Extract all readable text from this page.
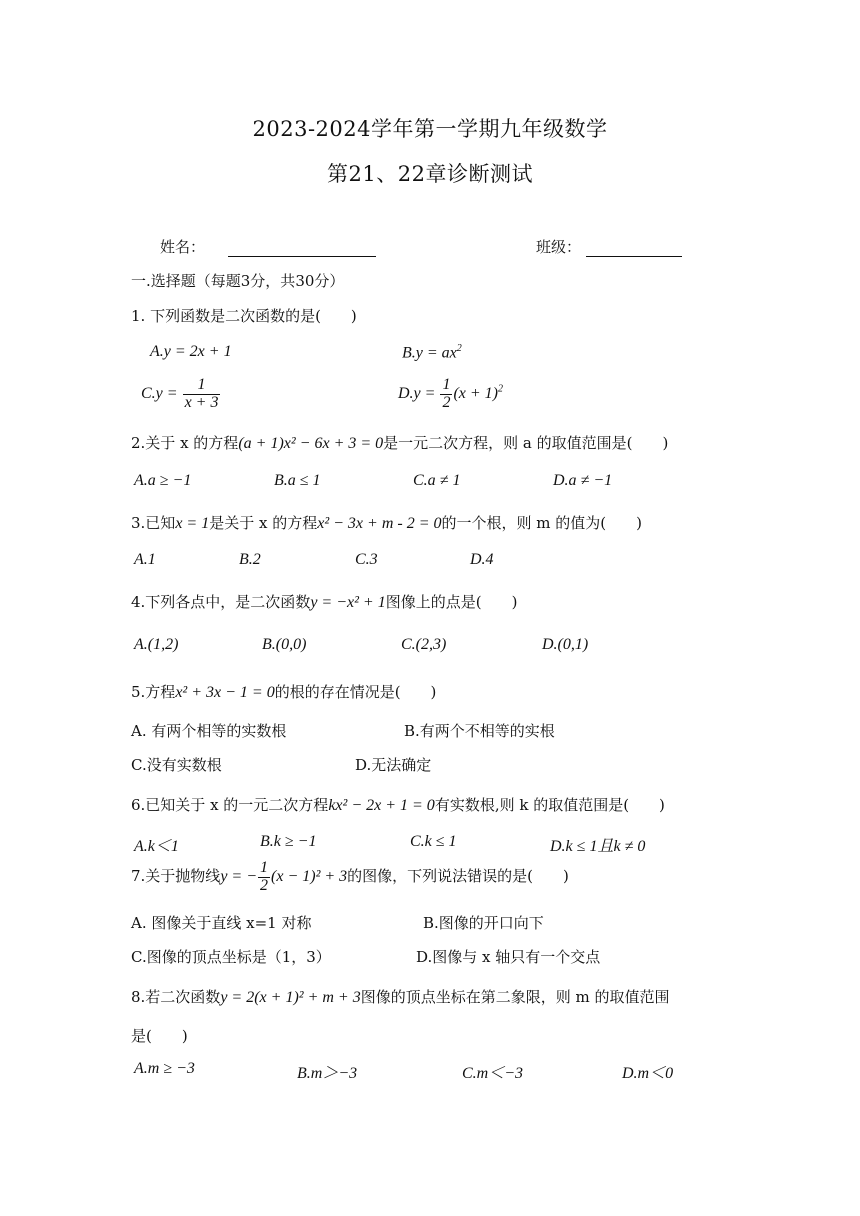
2023-2024学年第一学期九年级数学
第21、22章诊断测试
姓名：	班级：
一.选择题（每题3分，共30分）
1. 下列函数是二次函数的是(　　)
A.y = 2x + 1	$B.y = ax^2$
$C.y = \frac{1}{x + 3}$	$D.y = \frac{1}{2} (x + 1)^2$
2.关于 x 的方程(a + 1)x² − 6x + 3 = 0是一元二次方程，则 a 的取值范围是(　　)
A.a ≥ −1	B.a ≤ 1	C.a ≠ 1	D.a ≠ −1
3.已知x = 1是关于 x 的方程x² − 3x + m - 2 = 0的一个根，则 m 的值为(　　)
A.1	B.2	C.3	D.4
4.下列各点中，是二次函数y = −x² + 1图像上的点是(　　)
A.(1,2)	B.(0,0)	C.(2,3)	D.(0,1)
5.方程x² + 3x − 1 = 0的根的存在情况是(　　)
A. 有两个相等的实数根	B.有两个不相等的实根
C.没有实数根	D.无法确定
6.已知关于 x 的一元二次方程kx² − 2x + 1 = 0有实数根,则 k 的取值范围是(　　)
A.k＜1	B.k ≥ −1	C.k ≤ 1	D.k ≤ 1且k ≠ 0
7.关于抛物线y = − $\frac{1}{2} (x - 1)^2 + 3$的图像，下列说法错误的是(　　)
A. 图像关于直线 x=1 对称	B.图像的开口向下
C.图像的顶点坐标是（1，3）	D.图像与 x 轴只有一个交点
8.若二次函数y = 2(x + 1)² + m + 3图像的顶点坐标在第二象限，则 m 的取值范围
是(　　)
A.m ≥ −3	B.m＞−3	C.m＜−3	D.m＜0
